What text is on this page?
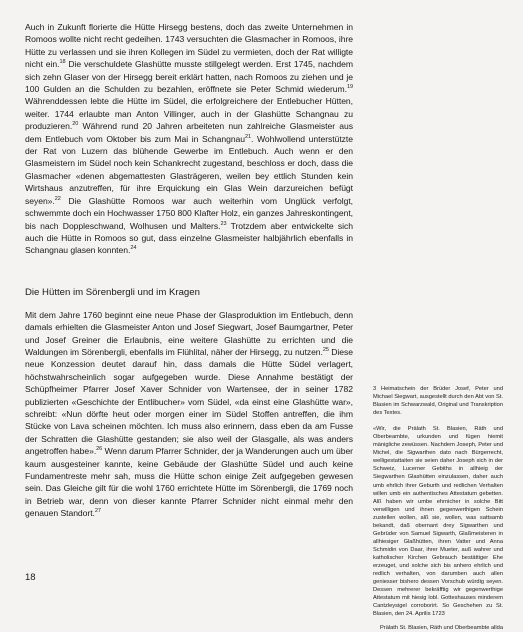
Auch in Zukunft florierte die Hütte Hirsegg bestens, doch das zweite Unternehmen in Romoos wollte nicht recht gedeihen. 1743 versuchten die Glasmacher in Romoos, ihre Hütte zu verlassen und sie ihren Kollegen im Südel zu vermieten, doch der Rat willigte nicht ein.$^{18}$ Die verschuldete Glashütte musste stillgelegt werden. Erst 1745, nachdem sich zehn Glaser von der Hirsegg bereit erklärt hatten, nach Romoos zu ziehen und je 100 Gulden an die Schulden zu bezahlen, eröffnete sie Peter Schmid wiederum.$^{19}$ Währenddessen lebte die Hütte im Südel, die erfolgreichere der Entlebucher Hütten, weiter. 1744 erlaubte man Anton Villinger, auch in der Glashütte Schangnau zu produzieren.$^{20}$ Während rund 20 Jahren arbeiteten nun zahlreiche Glasmeister aus dem Entlebuch vom Oktober bis zum Mai in Schangnau$^{21}$. Wohlwollend unterstützte der Rat von Luzern das blühende Gewerbe im Entlebuch. Auch wenn er den Glasmeistern im Südel noch kein Schankrecht zugestand, beschloss er doch, dass die Glasmacher «denen abgemattesten Glasträgeren, weilen bey ettlich Stunden kein Wirtshaus anzutreffen, für ihre Erquickung ein Glas Wein darzureichen befügt seyen».$^{22}$ Die Glashütte Romoos war auch weiterhin vom Unglück verfolgt, schwemmte doch ein Hochwasser 1750 800 Klafter Holz, ein ganzes Jahreskontingent, bis nach Doppleschwand, Wolhusen und Malters.$^{23}$ Trotzdem aber entwickelte sich auch die Hütte in Romoos so gut, dass einzelne Glasmeister halbjährlich ebenfalls in Schangnau glasen konnten.$^{24}$

Die Hütten im Sörenbergli und im Kragen

Mit dem Jahre 1760 beginnt eine neue Phase der Glasproduktion im Entlebuch, denn damals erhielten die Glasmeister Anton und Josef Siegwart, Josef Baumgartner, Peter und Josef Greiner die Erlaubnis, eine weitere Glashütte zu errichten und die Waldungen im Sörenbergli, ebenfalls im Flühlital, näher der Hirsegg, zu nutzen.$^{25}$ Diese neue Konzession deutet darauf hin, dass damals die Hütte Südel verlagert, höchstwahrscheinlich sogar aufgegeben wurde. Diese Annahme bestätigt der Schüpfheimer Pfarrer Josef Xaver Schnider von Wartensee, der in seiner 1782 publizierten «Geschichte der Entlibucher» vom Südel, «da einst eine Glashütte war», schreibt: «Nun dörfte heut oder morgen einer im Südel Stoffen antreffen, die ihm Stücke von Lava scheinen möchten. Ich muss also erinnern, dass eben da am Fusse der Schratten die Glashütte gestanden; sie also weil der Glasgalle, als was anders angetroffen habe».$^{26}$ Wenn darum Pfarrer Schnider, der ja Wanderungen auch um über kaum ausgesteiner kannte, keine Gebäude der Glashütte Südel und auch keine Fundamentreste mehr sah, muss die Hütte schon einige Zeit aufgegeben gewesen sein. Das Gleiche gilt für die wohl 1760 errichtete Hütte im Sörenbergli, die 1769 noch in Betrieb war, denn von dieser kannte Pfarrer Schnider nicht einmal mehr den genauen Standort.$^{27}$

3 Heimatschein der Brüder Josef, Peter und Michael Siegwart, ausgestellt durch den Abt von St. Blasien im Schwarzwald, Original und Transkription des Textes.

«Wir, die Prälath St. Blasien, Räth und Oberbeambte, urkunden und fügen hiemit mänigliche zewüssen. Nachdem Joseph, Peter und Michel, die Sigwarthen dato nach Bürgerrecht, welligestattaiten sie seien daher Joseph sich in der Schweiz, Lucerner Gebiths in allhieig der Siegwarthen Glashütten einzulassen, daher auch umb ehrlich ihrer Geburth und redlichen Verhalten willen umb ein authentisches Attestatum gebetten. Alß haben wir umbe ehrnicher in solche Bitt verwilligen und ihnen gegenwerthigen Schein zustellen wollen, alß sie, wollen, was sattsamb bekandt, daß obernant drey Sigwarthen und Gebrüder von Samuel Sigwarth, Glaßmeisteren in allhiesiger Glaßhütten, ihren Vatter und Anna Schmidin von Daar, ihrer Mueter, auß wahrer und katholischer Kirchen Gebrauch bestättiger Ehe erzeuget, und solche sich bis anhero ehrlich und redlich verhalten, von darumben auch allen geniesser bishero dessen Vorschub würdig seyen. Dessen mehrerer bekräfftig wir gegenwerthige Attestatum mit hiesig lobl. Gotteshauses minderem Cantzleysigel corroborirt. So Geschehen zu St. Blasien, den 24. Aprilis 1723

Prälath St. Blasien, Räth und Oberbeambte allda

18
